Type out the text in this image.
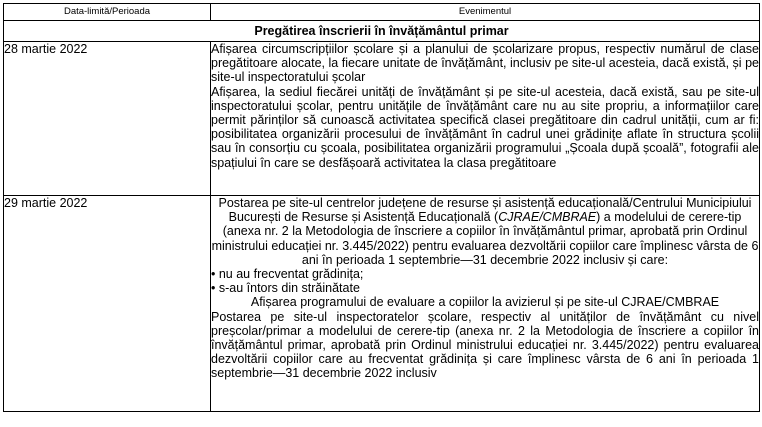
Data-limită/Perioada	Evenimentul
Pregătirea înscrierii în învățământul primar	
28 martie 2022	Afișarea circumscripțiilor școlare și a planului de școlarizare propus, respectiv numărul de clase pregătitoare alocate, la fiecare unitate de învățământ, inclusiv pe site-ul acesteia, dacă există, și pe site-ul inspectoratului școlar

Afișarea, la sediul fiecărei unități de învățământ și pe site-ul acesteia, dacă există, sau pe site-ul inspectoratului școlar, pentru unitățile de învățământ care nu au site propriu, a informațiilor care permit părinților să cunoască activitatea specifică clasei pregătitoare din cadrul unității, cum ar fi: posibilitatea organizării procesului de învățământ în cadrul unei grădinițe aflate în structura școlii sau în consorțiu cu școala, posibilitatea organizării programului „Școala după școală”, fotografii ale spațiului în care se desfășoară activitatea la clasa pregătitoare

29 martie 2022	Postarea pe site-ul centrelor județene de resurse și asistență educațională/Centrului Municipiului București de Resurse și Asistență Educațională (CJRAE/CMBRAE) a modelului de cerere-tip (anexa nr. 2 la Metodologia de înscriere a copiilor în învățământul primar, aprobată prin Ordinul ministrului educației nr. 3.445/2022) pentru evaluarea dezvoltării copiilor care împlinesc vârsta de 6 ani în perioada 1 septembrie—31 decembrie 2022 inclusiv și care:

• nu au frecventat grădinița;

• s-au întors din străinătate

Afișarea programului de evaluare a copiilor la avizierul și pe site-ul CJRAE/CMBRAE

Postarea pe site-ul inspectoratelor școlare, respectiv al unităților de învățământ cu nivel preșcolar/primar a modelului de cerere-tip (anexa nr. 2 la Metodologia de înscriere a copiilor în învățământul primar, aprobată prin Ordinul ministrului educației nr. 3.445/2022) pentru evaluarea dezvoltării copiilor care au frecventat grădinița și care împlinesc vârsta de 6 ani în perioada 1 septembrie—31 decembrie 2022 inclusiv
